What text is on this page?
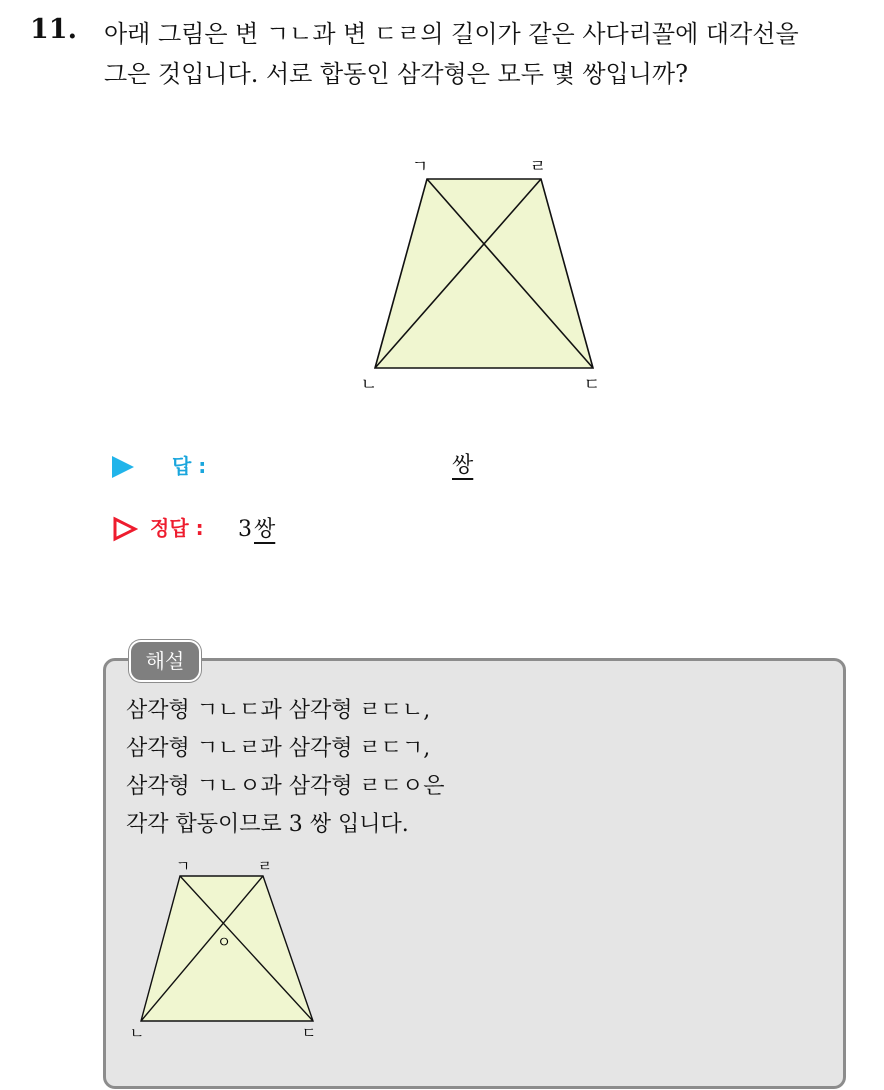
11. 아래 그림은 변 ㄱㄴ과 변 ㄷㄹ의 길이가 같은 사다리꼴에 대각선을
그은 것입니다. 서로 합동인 삼각형은 모두 몇 쌍입니까?
ㄱ	ㄹ
ㄴ	ㄷ
답 :	쌍
정답 : 3쌍
해설
삼각형 ㄱㄴㄷ과 삼각형 ㄹㄷㄴ,
삼각형 ㄱㄴㄹ과 삼각형 ㄹㄷㄱ,
삼각형 ㄱㄴㅇ과 삼각형 ㄹㄷㅇ은
각각 합동이므로 3 쌍 입니다.
ㄱ	ㄹ
ㄴ	ㄷ
ㅇ
